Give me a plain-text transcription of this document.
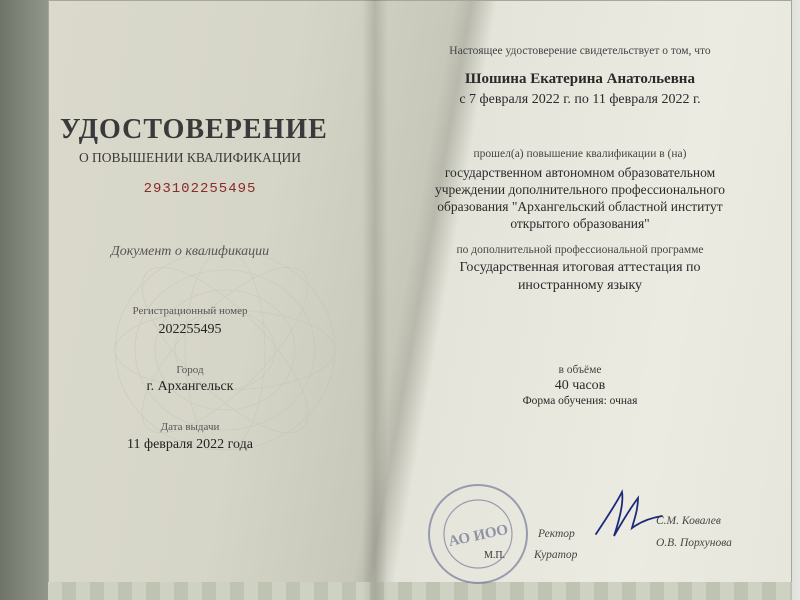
УДОСТОВЕРЕНИЕ
О ПОВЫШЕНИИ КВАЛИФИКАЦИИ
293102255495
Документ о квалификации
Регистрационный номер
202255495
Город
г. Архангельск
Дата выдачи
11 февраля 2022 года
Настоящее удостоверение свидетельствует о том, что
Шошина Екатерина Анатольевна
с 7 февраля 2022 г. по 11 февраля 2022 г.
прошел(а) повышение квалификации в (на)
государственном автономном образовательном
учреждении дополнительного профессионального
образования "Архангельский областной институт
открытого образования"
по дополнительной профессиональной программе
Государственная итоговая аттестация по
иностранному языку
в объёме
40 часов
Форма обучения: очная
АО ИОО
М.П.
Ректор
Куратор
С.М. Ковалев
О.В. Порхунова
